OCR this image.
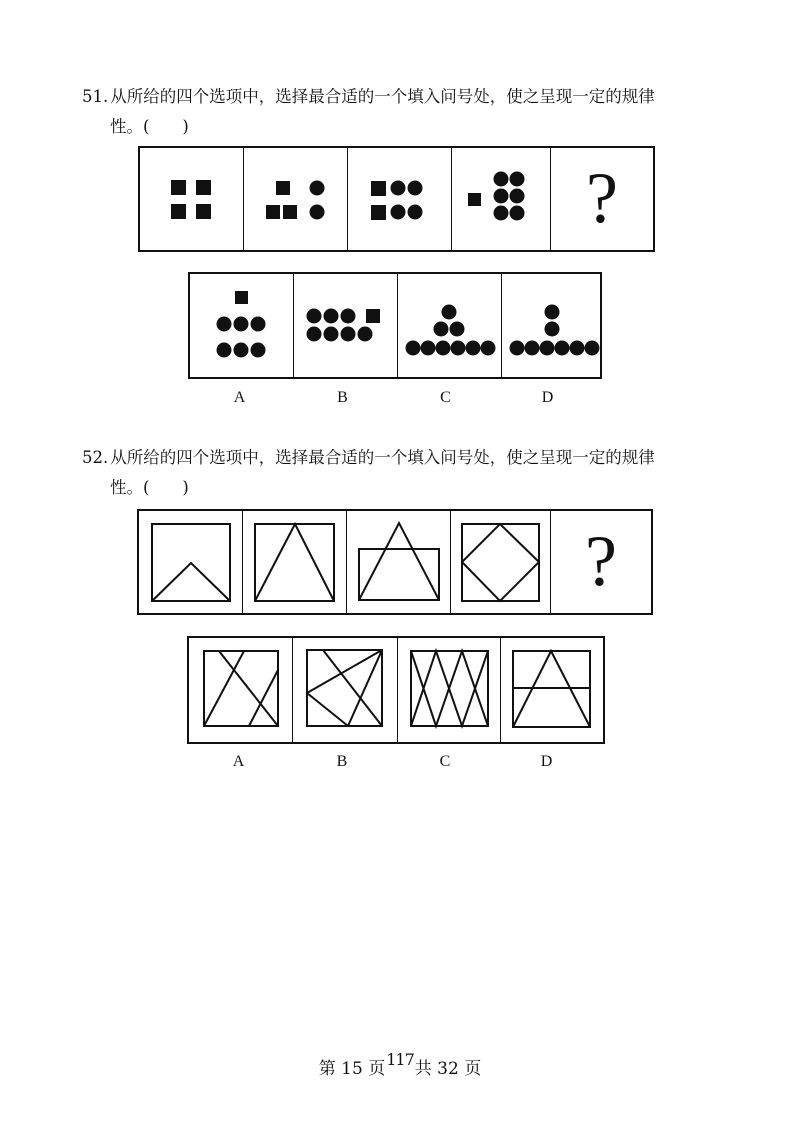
51. 从所给的四个选项中，选择最合适的一个填入问号处，使之呈现一定的规律
性。(　　)
?
A	B	C	D
52. 从所给的四个选项中，选择最合适的一个填入问号处，使之呈现一定的规律
性。(　　)
?
A	B	C	D
第 15 页117共 32 页
